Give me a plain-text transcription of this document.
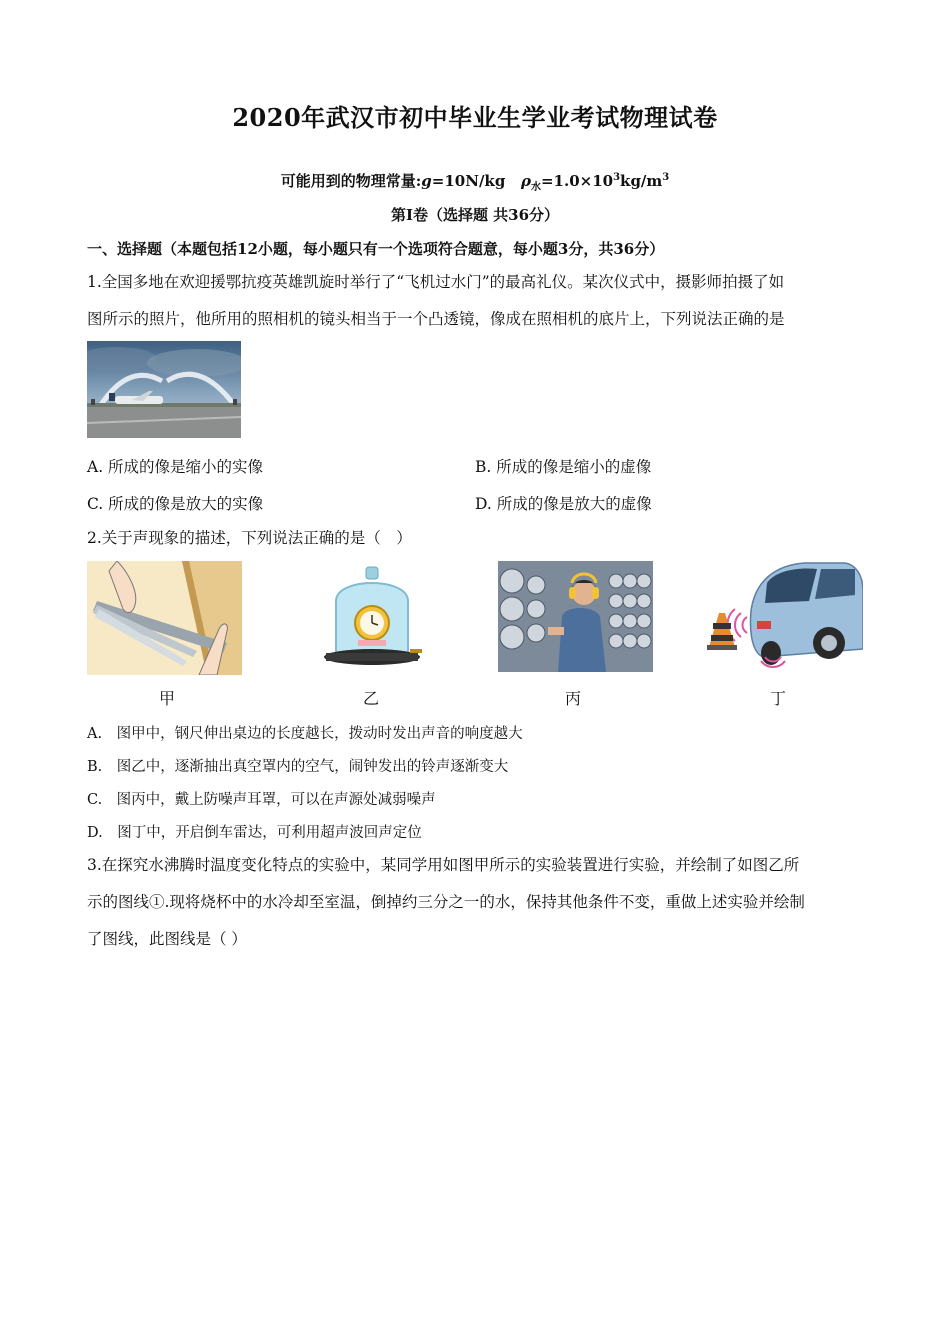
2020年武汉市初中毕业生学业考试物理试卷
可能用到的物理常量:g=10N/kg $\rho_水=1.0\times 10^3kg/m^3$
第Ⅰ卷（选择题 共36分）
一、选择题（本题包括12小题，每小题只有一个选项符合题意，每小题3分，共36分）
1.全国多地在欢迎援鄂抗疫英雄凯旋时举行了“飞机过水门”的最高礼仪。某次仪式中，摄影师拍摄了如
图所示的照片，他所用的照相机的镜头相当于一个凸透镜，像成在照相机的底片上，下列说法正确的是
A. 所成的像是缩小的实像	B. 所成的像是缩小的虚像
C. 所成的像是放大的实像	D. 所成的像是放大的虚像
2.关于声现象的描述，下列说法正确的是（　）
甲	乙	丙	丁
A.　图甲中，钢尺伸出桌边的长度越长，拨动时发出声音的响度越大
B.　图乙中，逐渐抽出真空罩内的空气，闹钟发出的铃声逐渐变大
C.　图丙中，戴上防噪声耳罩，可以在声源处减弱噪声
D.　图丁中，开启倒车雷达，可利用超声波回声定位
3.在探究水沸腾时温度变化特点的实验中，某同学用如图甲所示的实验装置进行实验，并绘制了如图乙所
示的图线①.现将烧杯中的水冷却至室温，倒掉约三分之一的水，保持其他条件不变，重做上述实验并绘制
了图线，此图线是（ ）
